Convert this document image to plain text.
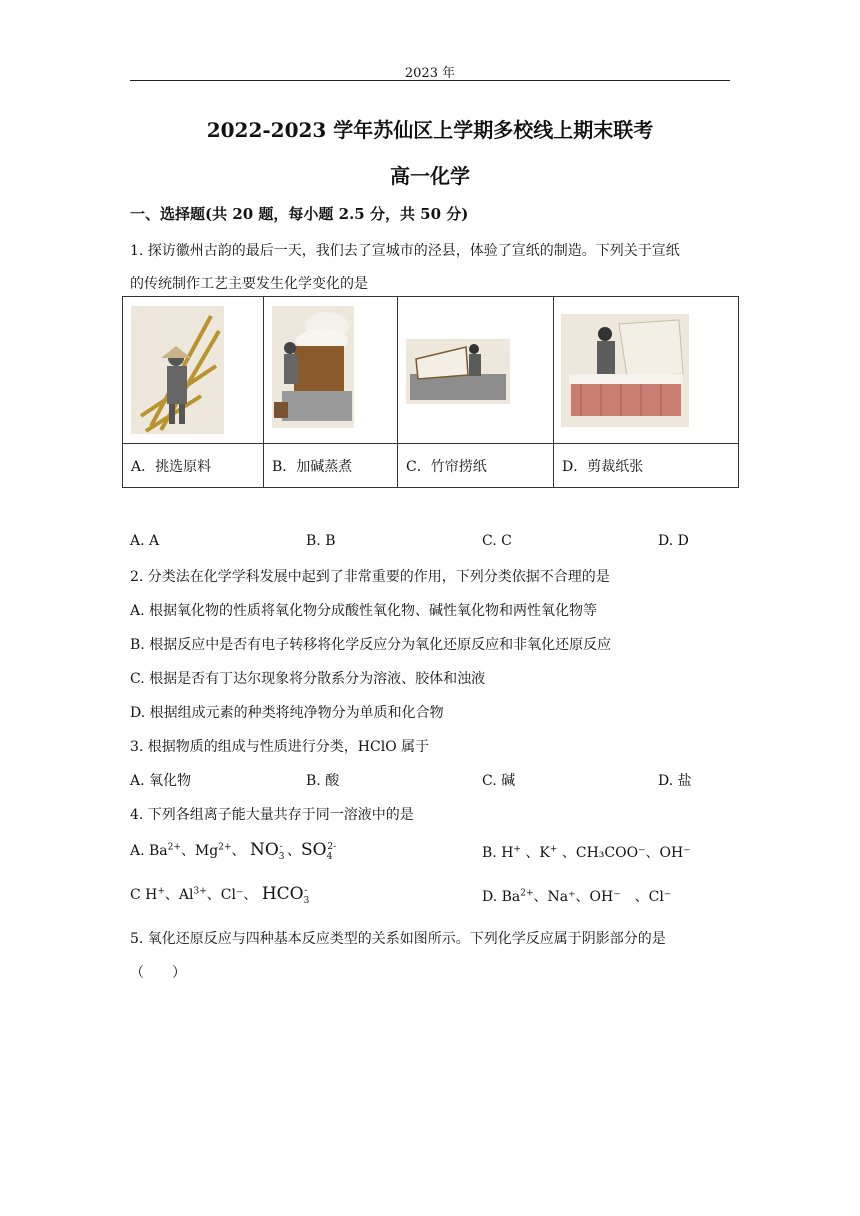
2023 年
2022-2023 学年苏仙区上学期多校线上期末联考
高一化学
一、选择题(共 20 题，每小题 2.5 分，共 50 分)
1. 探访徽州古韵的最后一天，我们去了宣城市的泾县，体验了宣纸的制造。下列关于宣纸
的传统制作工艺主要发生化学变化的是

A．挑选原料	B．加碱蒸煮	C．竹帘捞纸	D．剪裁纸张
A. A	B. B	C. C	D. D
2. 分类法在化学学科发展中起到了非常重要的作用，下列分类依据不合理的是
A. 根据氧化物的性质将氧化物分成酸性氧化物、碱性氧化物和两性氧化物等
B. 根据反应中是否有电子转移将化学反应分为氧化还原反应和非氧化还原反应
C. 根据是否有丁达尔现象将分散系分为溶液、胶体和浊液
D. 根据组成元素的种类将纯净物分为单质和化合物
3. 根据物质的组成与性质进行分类，HClO 属于
A. 氧化物	B. 酸	C. 碱	D. 盐
4. 下列各组离子能大量共存于同一溶液中的是
A. $Ba^{2+}$、$Mg^{2+}$、 $NO_3^-$ 、$SO_4^{2-}$	B. H+ 、K+ 、CH₃COO⁻、OH⁻
C H+、$Al^{3+}$、Cl⁻、 $HCO_3^-$	D. $Ba^{2+}$、Na⁺、OH⁻　、Cl⁻
5. 氧化还原反应与四种基本反应类型的关系如图所示。下列化学反应属于阴影部分的是
（　　）
